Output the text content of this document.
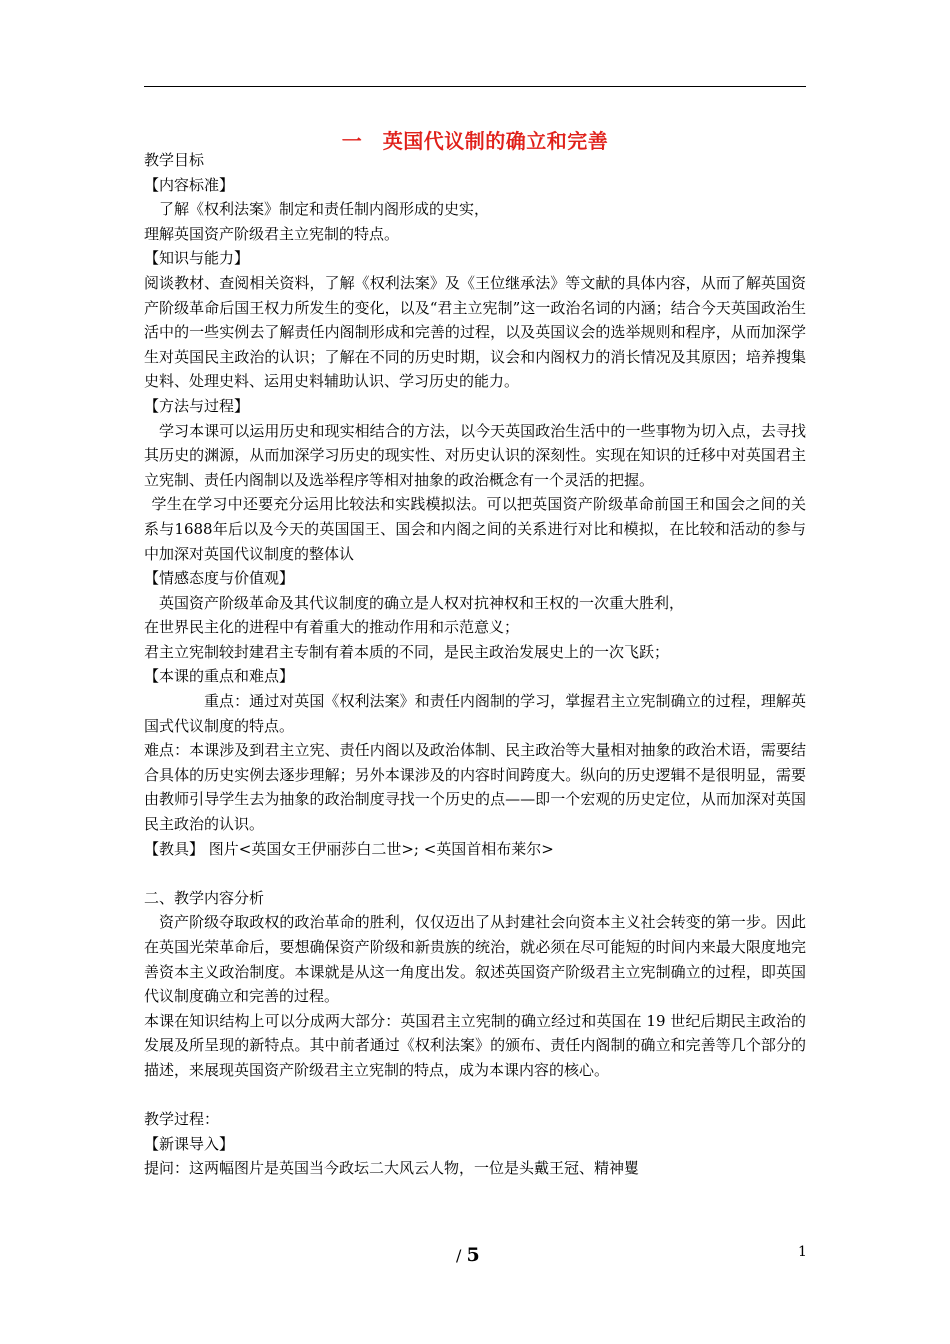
一　英国代议制的确立和完善

教学目标

【内容标准】

了解《权利法案》制定和责任制内阁形成的史实，

理解英国资产阶级君主立宪制的特点。

【知识与能力】

阅谈教材、查阅相关资料，了解《权利法案》及《王位继承法》等文献的具体内容，从而了解英国资产阶级革命后国王权力所发生的变化，以及“君主立宪制”这一政治名词的内涵；结合今天英国政治生活中的一些实例去了解责任内阁制形成和完善的过程，以及英国议会的选举规则和程序，从而加深学生对英国民主政治的认识；了解在不同的历史时期，议会和内阁权力的消长情况及其原因；培养搜集史料、处理史料、运用史料辅助认识、学习历史的能力。

【方法与过程】

学习本课可以运用历史和现实相结合的方法，以今天英国政治生活中的一些事物为切入点，去寻找其历史的渊源，从而加深学习历史的现实性、对历史认识的深刻性。实现在知识的迁移中对英国君主立宪制、责任内阁制以及选举程序等相对抽象的政治概念有一个灵活的把握。

学生在学习中还要充分运用比较法和实践模拟法。可以把英国资产阶级革命前国王和国会之间的关系与1688年后以及今天的英国国王、国会和内阁之间的关系进行对比和模拟，在比较和活动的参与中加深对英国代议制度的整体认

【情感态度与价值观】

英国资产阶级革命及其代议制度的确立是人权对抗神权和王权的一次重大胜利，

在世界民主化的进程中有着重大的推动作用和示范意义；

君主立宪制较封建君主专制有着本质的不同，是民主政治发展史上的一次飞跃；

【本课的重点和难点】

重点：通过对英国《权利法案》和责任内阁制的学习，掌握君主立宪制确立的过程，理解英国式代议制度的特点。

难点：本课涉及到君主立宪、责任内阁以及政治体制、民主政治等大量相对抽象的政治术语，需要结合具体的历史实例去逐步理解；另外本课涉及的内容时间跨度大。纵向的历史逻辑不是很明显，需要由教师引导学生去为抽象的政治制度寻找一个历史的点——即一个宏观的历史定位，从而加深对英国民主政治的认识。

【教具】 图片<英国女王伊丽莎白二世>; <英国首相布莱尔>

二、教学内容分析

资产阶级夺取政权的政治革命的胜利，仅仅迈出了从封建社会向资本主义社会转变的第一步。因此在英国光荣革命后，要想确保资产阶级和新贵族的统治，就必须在尽可能短的时间内来最大限度地完善资本主义政治制度。本课就是从这一角度出发。叙述英国资产阶级君主立宪制确立的过程，即英国代议制度确立和完善的过程。

本课在知识结构上可以分成两大部分：英国君主立宪制的确立经过和英国在 19 世纪后期民主政治的发展及所呈现的新特点。其中前者通过《权利法案》的颁布、责任内阁制的确立和完善等几个部分的描述，来展现英国资产阶级君主立宪制的特点，成为本课内容的核心。

教学过程：

【新课导入】

提问：这两幅图片是英国当今政坛二大风云人物，一位是头戴王冠、精神矍

/ 5	1
